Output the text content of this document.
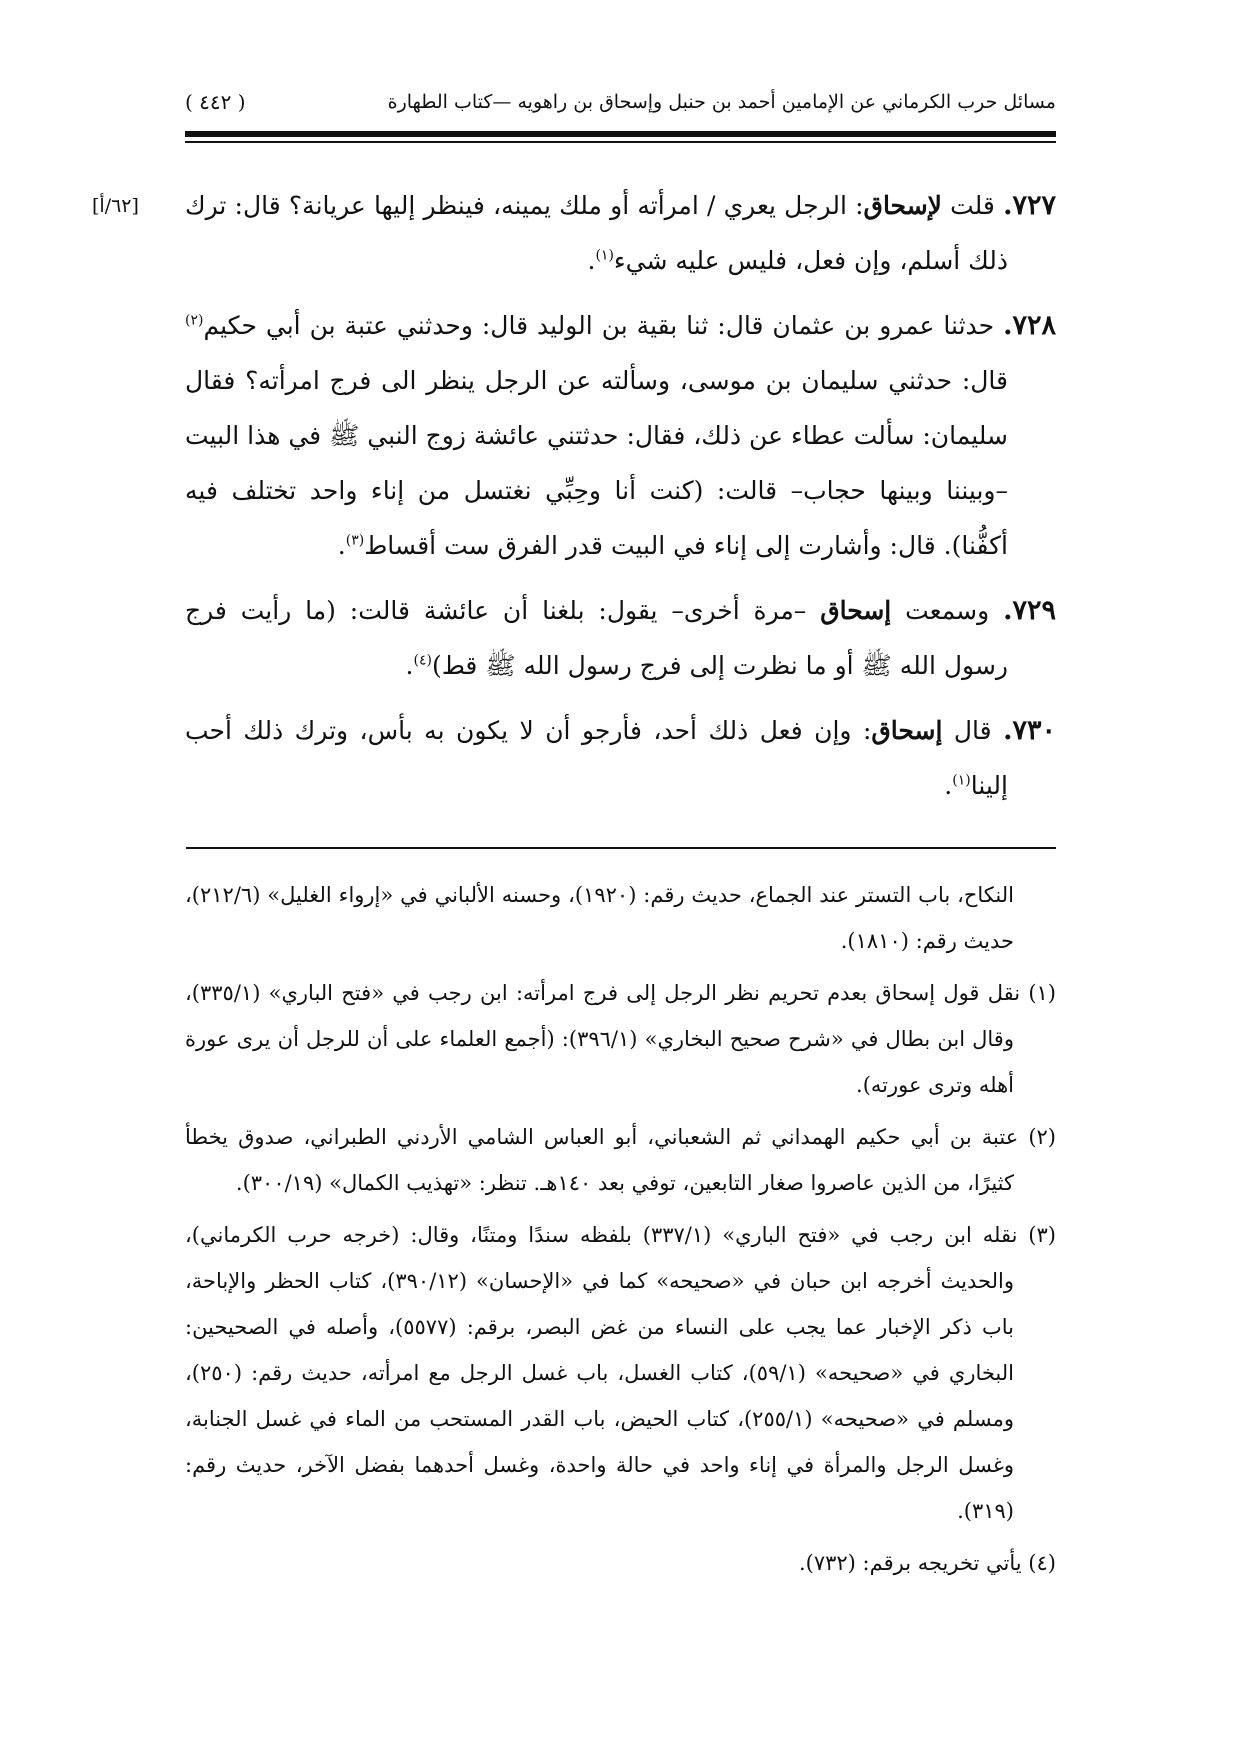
مسائل حرب الكرماني عن الإمامين أحمد بن حنبل وإسحاق بن راهويه —كتاب الطهارة
( ٤٤٢ )
[٦٢/أ]	٧٢٧. قلت لإسحاق: الرجل يعري / امرأته أو ملك يمينه، فينظر إليها عريانة؟ قال: ترك ذلك أسلم، وإن فعل، فليس عليه شيء$^{(١)}$.

٧٢٨. حدثنا عمرو بن عثمان قال: ثنا بقية بن الوليد قال: وحدثني عتبة بن أبي حكيم$^{(٢)}$ قال: حدثني سليمان بن موسى، وسألته عن الرجل ينظر الى فرج امرأته؟ فقال سليمان: سألت عطاء عن ذلك، فقال: حدثتني عائشة زوج النبي ﷺ في هذا البيت –وبيننا وبينها حجاب– قالت: (كنت أنا وحِبِّي نغتسل من إناء واحد تختلف فيه أكفُّنا). قال: وأشارت إلى إناء في البيت قدر الفرق ست أقساط$^{(٣)}$.

٧٢٩. وسمعت إسحاق –مرة أخرى– يقول: بلغنا أن عائشة قالت: (ما رأيت فرج رسول الله ﷺ أو ما نظرت إلى فرج رسول الله ﷺ قط)$^{(٤)}$.

٧٣٠. قال إسحاق: وإن فعل ذلك أحد، فأرجو أن لا يكون به بأس، وترك ذلك أحب إلينا$^{(١)}$.

النكاح، باب التستر عند الجماع، حديث رقم: (١٩٢٠)، وحسنه الألباني في «إرواء الغليل» (٢١٢/٦)، حديث رقم: (١٨١٠).

(١) نقل قول إسحاق بعدم تحريم نظر الرجل إلى فرج امرأته: ابن رجب في «فتح الباري» (٣٣٥/١)، وقال ابن بطال في «شرح صحيح البخاري» (٣٩٦/١): (أجمع العلماء على أن للرجل أن يرى عورة أهله وترى عورته).

(٢) عتبة بن أبي حكيم الهمداني ثم الشعباني، أبو العباس الشامي الأردني الطبراني، صدوق يخطأ كثيرًا، من الذين عاصروا صغار التابعين، توفي بعد ١٤٠هـ. تنظر: «تهذيب الكمال» (٣٠٠/١٩).

(٣) نقله ابن رجب في «فتح الباري» (٣٣٧/١) بلفظه سندًا ومتنًا، وقال: (خرجه حرب الكرماني)، والحديث أخرجه ابن حبان في «صحيحه» كما في «الإحسان» (٣٩٠/١٢)، كتاب الحظر والإباحة، باب ذكر الإخبار عما يجب على النساء من غض البصر، برقم: (٥٥٧٧)، وأصله في الصحيحين: البخاري في «صحيحه» (٥٩/١)، كتاب الغسل، باب غسل الرجل مع امرأته، حديث رقم: (٢٥٠)، ومسلم في «صحيحه» (٢٥٥/١)، كتاب الحيض، باب القدر المستحب من الماء في غسل الجنابة، وغسل الرجل والمرأة في إناء واحد في حالة واحدة، وغسل أحدهما بفضل الآخر، حديث رقم: (٣١٩).

(٤) يأتي تخريجه برقم: (٧٣٢).
